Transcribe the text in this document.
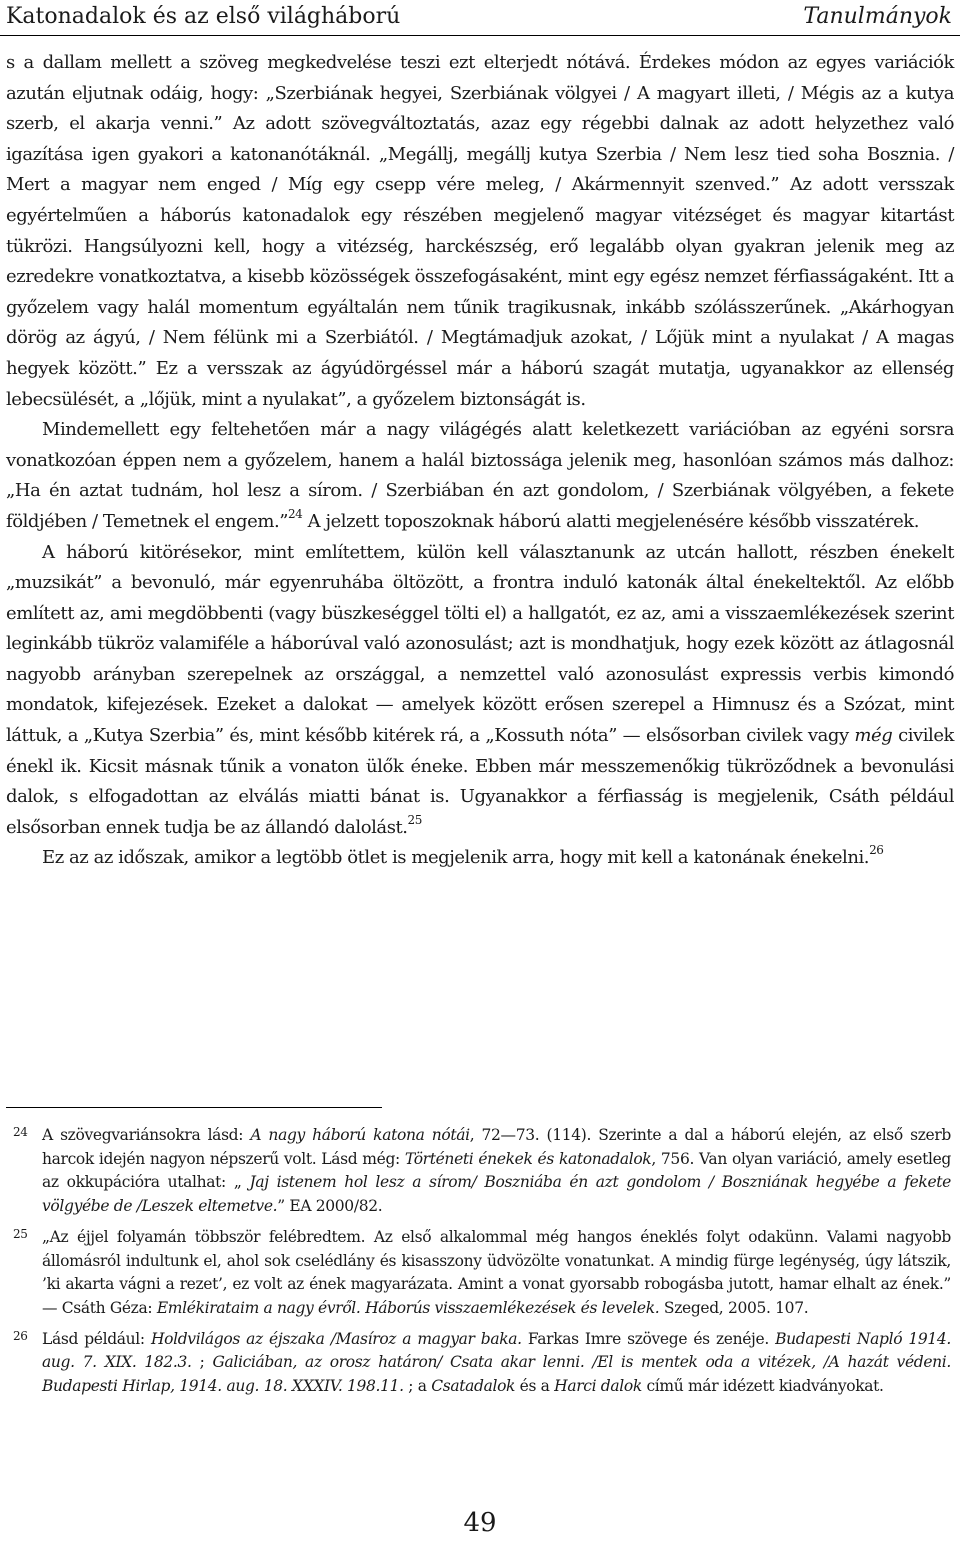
Katonadalok és az első világháború	Tanulmányok

s a dallam mellett a szöveg megkedvelése teszi ezt elterjedt nótává. Érdekes módon az egyes variációk azután eljutnak odáig, hogy: „Szerbiának hegyei, Szerbiának völgyei / A magyart illeti, / Mégis az a kutya szerb, el akarja venni.” Az adott szövegváltoztatás, azaz egy régebbi dalnak az adott helyzethez való igazítása igen gyakori a katonanótáknál. „Megállj, megállj kutya Szerbia / Nem lesz tied soha Bosznia. / Mert a magyar nem enged / Míg egy csepp vére meleg, / Akármennyit szenved.” Az adott versszak egyértelműen a háborús katonadalok egy részében megjelenő magyar vitézséget és magyar kitartást tükrözi. Hangsúlyozni kell, hogy a vitézség, harckészség, erő legalább olyan gyakran jelenik meg az ezredekre vonatkoztatva, a kisebb közösségek összefogásaként, mint egy egész nemzet férfiasságaként. Itt a győzelem vagy halál momentum egyáltalán nem tűnik tragikusnak, inkább szólásszerűnek. „Akárhogyan dörög az ágyú, / Nem félünk mi a Szerbiától. / Megtámadjuk azokat, / Lőjük mint a nyulakat / A magas hegyek között.” Ez a versszak az ágyúdörgéssel már a háború szagát mutatja, ugyanakkor az ellenség lebecsülését, a „lőjük, mint a nyulakat”, a győzelem biztonságát is.

Mindemellett egy feltehetően már a nagy világégés alatt keletkezett variációban az egyéni sorsra vonatkozóan éppen nem a győzelem, hanem a halál biztossága jelenik meg, hasonlóan számos más dalhoz: „Ha én aztat tudnám, hol lesz a sírom. / Szerbiában én azt gondolom, / Szerbiának völgyében, a fekete földjében / Temetnek el engem.”$^{24}$ A jelzett toposzoknak háború alatti megjelenésére később visszatérek.

A háború kitörésekor, mint említettem, külön kell választanunk az utcán hallott, részben énekelt „muzsikát” a bevonuló, már egyenruhába öltözött, a frontra induló katonák által énekeltektől. Az előbb említett az, ami megdöbbenti (vagy büszkeséggel tölti el) a hallgatót, ez az, ami a visszaemlékezések szerint leginkább tükröz valamiféle a háborúval való azonosulást; azt is mondhatjuk, hogy ezek között az átlagosnál nagyobb arányban szerepelnek az országgal, a nemzettel való azonosulást expressis verbis kimondó mondatok, kifejezések. Ezeket a dalokat — amelyek között erősen szerepel a Himnusz és a Szózat, mint láttuk, a „Kutya Szerbia” és, mint később kitérek rá, a „Kossuth nóta” — elsősorban civilek vagy még civilek énekl ik. Kicsit másnak tűnik a vonaton ülők éneke. Ebben már messzemenőkig tükröződnek a bevonulási dalok, s elfogadottan az elválás miatti bánat is. Ugyanakkor a férfiasság is megjelenik, Csáth például elsősorban ennek tudja be az állandó dalolást.$^{25}$

Ez az az időszak, amikor a legtöbb ötlet is megjelenik arra, hogy mit kell a katonának énekelni.$^{26}$

24 A szövegvariánsokra lásd: A nagy háború katona nótái, 72—73. (114). Szerinte a dal a háború elején, az első szerb harcok idején nagyon népszerű volt. Lásd még: Történeti énekek és katonadalok, 756. Van olyan variáció, amely esetleg az okkupációra utalhat: „ Jaj istenem hol lesz a sírom/ Boszniába én azt gondolom / Boszniának hegyébe a fekete völgyébe de /Leszek eltemetve.” EA 2000/82.
25 „Az éjjel folyamán többször felébredtem. Az első alkalommal még hangos éneklés folyt odakünn. Valami nagyobb állomásról indultunk el, ahol sok cselédlány és kisasszony üdvözölte vonatunkat. A mindig fürge legénység, úgy látszik, ’ki akarta vágni a rezet’, ez volt az ének magyarázata. Amint a vonat gyorsabb robogásba jutott, hamar elhalt az ének.” — Csáth Géza: Emlékirataim a nagy évről. Háborús visszaemlékezések és levelek. Szeged, 2005. 107.
26 Lásd például: Holdvilágos az éjszaka /Masíroz a magyar baka. Farkas Imre szövege és zenéje. Budapesti Napló 1914. aug. 7. XIX. 182.3. ; Galiciában, az orosz határon/ Csata akar lenni. /El is mentek oda a vitézek, /A hazát védeni. Budapesti Hirlap, 1914. aug. 18. XXXIV. 198.11. ; a Csatadalok és a Harci dalok című már idézett kiadványokat.
49
